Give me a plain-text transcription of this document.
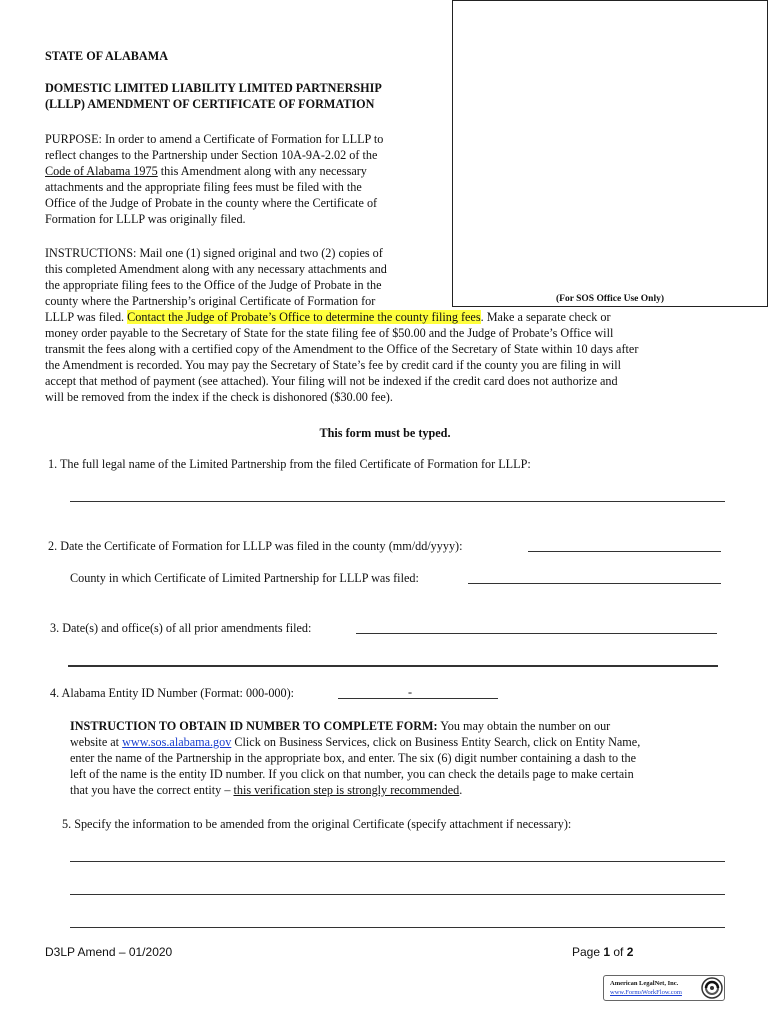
(For SOS Office Use Only)
STATE OF ALABAMA
DOMESTIC LIMITED LIABILITY LIMITED PARTNERSHIP
(LLLP) AMENDMENT OF CERTIFICATE OF FORMATION
PURPOSE: In order to amend a Certificate of Formation for LLLP to
reflect changes to the Partnership under Section 10A-9A-2.02 of the
Code of Alabama 1975 this Amendment along with any necessary
attachments and the appropriate filing fees must be filed with the
Office of the Judge of Probate in the county where the Certificate of
Formation for LLLP was originally filed.
INSTRUCTIONS: Mail one (1) signed original and two (2) copies of
this completed Amendment along with any necessary attachments and
the appropriate filing fees to the Office of the Judge of Probate in the
county where the Partnership’s original Certificate of Formation for
LLLP was filed. Contact the Judge of Probate’s Office to determine the county filing fees. Make a separate check or
money order payable to the Secretary of State for the state filing fee of $50.00 and the Judge of Probate’s Office will
transmit the fees along with a certified copy of the Amendment to the Office of the Secretary of State within 10 days after
the Amendment is recorded. You may pay the Secretary of State’s fee by credit card if the county you are filing in will
accept that method of payment (see attached). Your filing will not be indexed if the credit card does not authorize and
will be removed from the index if the check is dishonored ($30.00 fee).
This form must be typed.
1. The full legal name of the Limited Partnership from the filed Certificate of Formation for LLLP:
2. Date the Certificate of Formation for LLLP was filed in the county (mm/dd/yyyy):
County in which Certificate of Limited Partnership for LLLP was filed:
3. Date(s) and office(s) of all prior amendments filed:
4. Alabama Entity ID Number (Format: 000-000):	-
INSTRUCTION TO OBTAIN ID NUMBER TO COMPLETE FORM: You may obtain the number on our
website at www.sos.alabama.gov Click on Business Services, click on Business Entity Search, click on Entity Name,
enter the name of the Partnership in the appropriate box, and enter. The six (6) digit number containing a dash to the
left of the name is the entity ID number. If you click on that number, you can check the details page to make certain
that you have the correct entity – this verification step is strongly recommended.
5. Specify the information to be amended from the original Certificate (specify attachment if necessary):
D3LP Amend – 01/2020	Page 1 of 2
American LegalNet, Inc.
www.FormsWorkFlow.com
